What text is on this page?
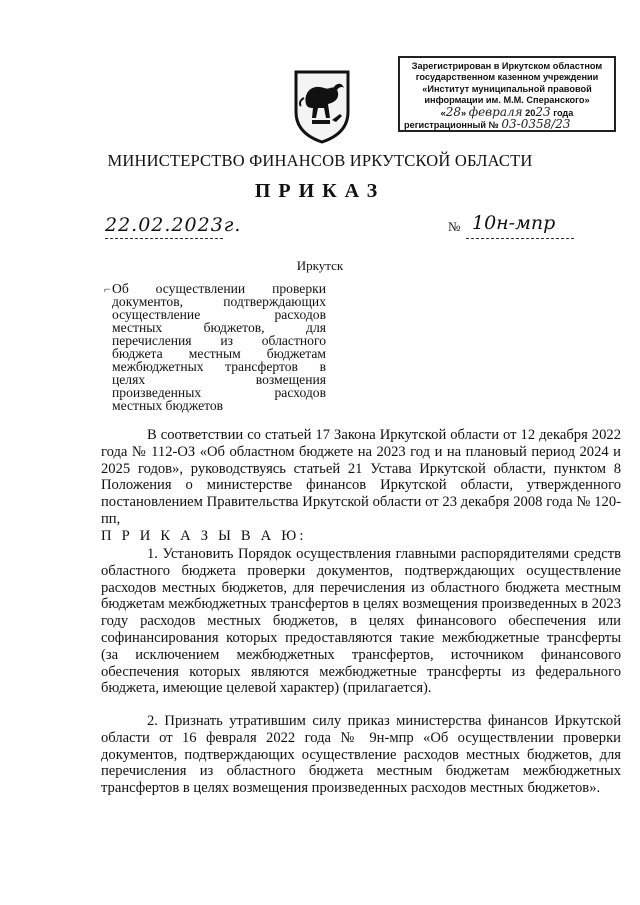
Зарегистрирован в Иркутском областном
государственном казенном учреждении
«Институт муниципальной правовой
информации им. М.М. Сперанского»
«28» февраля 2023 года
регистрационный № 03-0358/23
МИНИСТЕРСТВО ФИНАНСОВ ИРКУТСКОЙ ОБЛАСТИ
ПРИКАЗ
22.02.2023г.	№ 10н-мпр
Иркутск
⌐ Об осуществлении проверки
документов, подтверждающих
осуществление расходов
местных бюджетов, для
перечисления из областного
бюджета местным бюджетам
межбюджетных трансфертов в
целях возмещения
произведенных расходов
местных бюджетов
В соответствии со статьей 17 Закона Иркутской области от 12 декабря 2022 года № 112-ОЗ «Об областном бюджете на 2023 год и на плановый период 2024 и 2025 годов», руководствуясь статьей 21 Устава Иркутской области, пунктом 8 Положения о министерстве финансов Иркутской области, утвержденного постановлением Правительства Иркутской области от 23 декабря 2008 года № 120-пп,
П Р И К А З Ы В А Ю:
1. Установить Порядок осуществления главными распорядителями средств областного бюджета проверки документов, подтверждающих осуществление расходов местных бюджетов, для перечисления из областного бюджета местным бюджетам межбюджетных трансфертов в целях возмещения произведенных в 2023 году расходов местных бюджетов, в целях финансового обеспечения или софинансирования которых предоставляются такие межбюджетные трансферты (за исключением межбюджетных трансфертов, источником финансового обеспечения которых являются межбюджетные трансферты из федерального бюджета, имеющие целевой характер) (прилагается).
2. Признать утратившим силу приказ министерства финансов Иркутской области от 16 февраля 2022 года № 9н-мпр «Об осуществлении проверки документов, подтверждающих осуществление расходов местных бюджетов, для перечисления из областного бюджета местным бюджетам межбюджетных трансфертов в целях возмещения произведенных расходов местных бюджетов».
